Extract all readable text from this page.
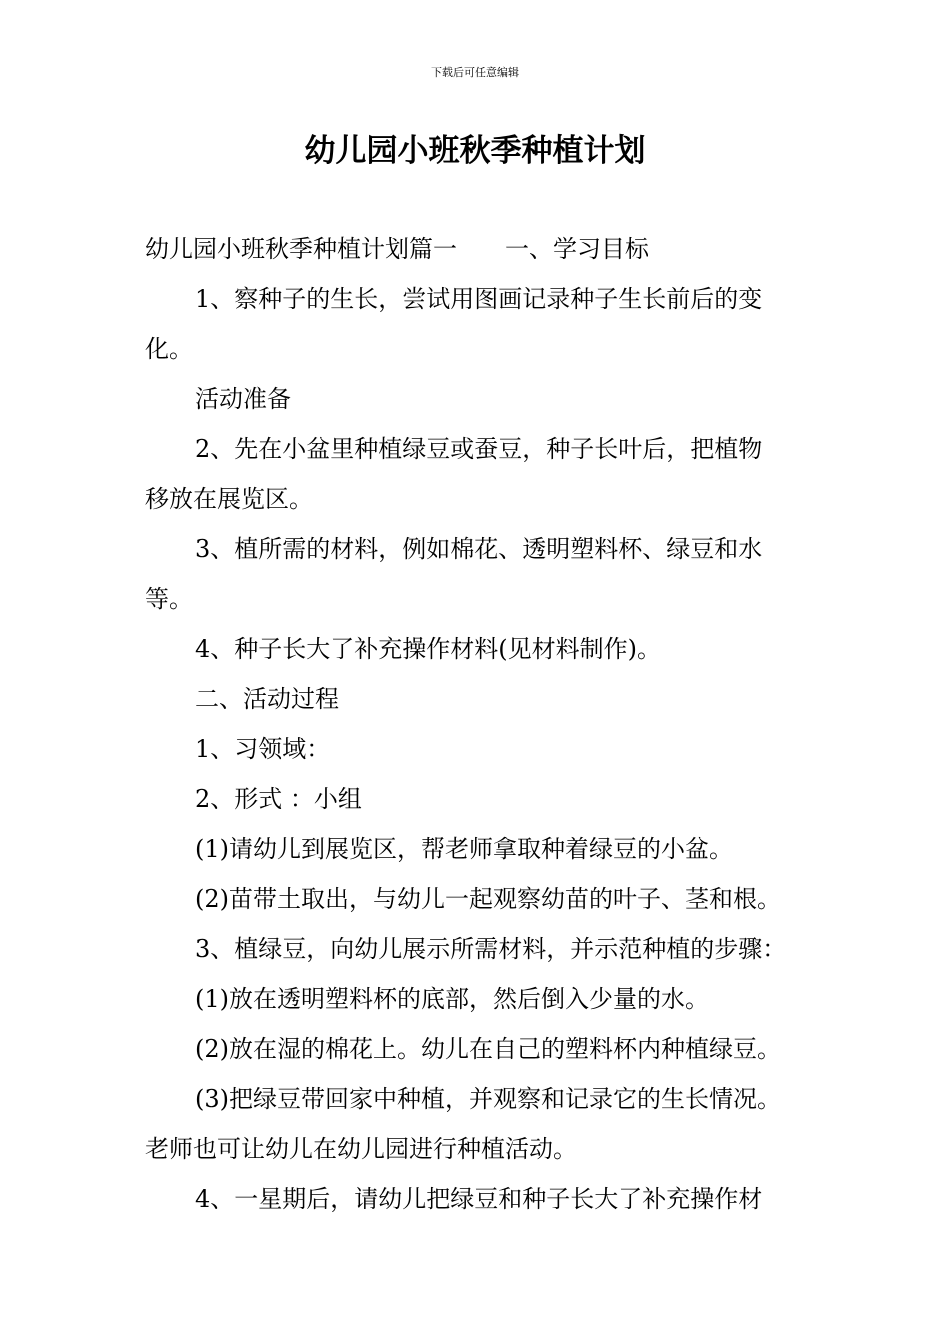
下载后可任意编辑
幼儿园小班秋季种植计划

幼儿园小班秋季种植计划篇一 一、学习目标

1、察种子的生长，尝试用图画记录种子生长前后的变

化。

活动准备

2、先在小盆里种植绿豆或蚕豆，种子长叶后，把植物

移放在展览区。

3、植所需的材料，例如棉花、透明塑料杯、绿豆和水

等。

4、种子长大了补充操作材料(见材料制作)。

二、活动过程

1、习领域：

2、形式 ：小组

(1)请幼儿到展览区，帮老师拿取种着绿豆的小盆。

(2)苗带土取出，与幼儿一起观察幼苗的叶子、茎和根。

3、植绿豆，向幼儿展示所需材料，并示范种植的步骤：

(1)放在透明塑料杯的底部，然后倒入少量的水。

(2)放在湿的棉花上。幼儿在自己的塑料杯内种植绿豆。

(3)把绿豆带回家中种植，并观察和记录它的生长情况。

老师也可让幼儿在幼儿园进行种植活动。

4、一星期后，请幼儿把绿豆和种子长大了补充操作材
